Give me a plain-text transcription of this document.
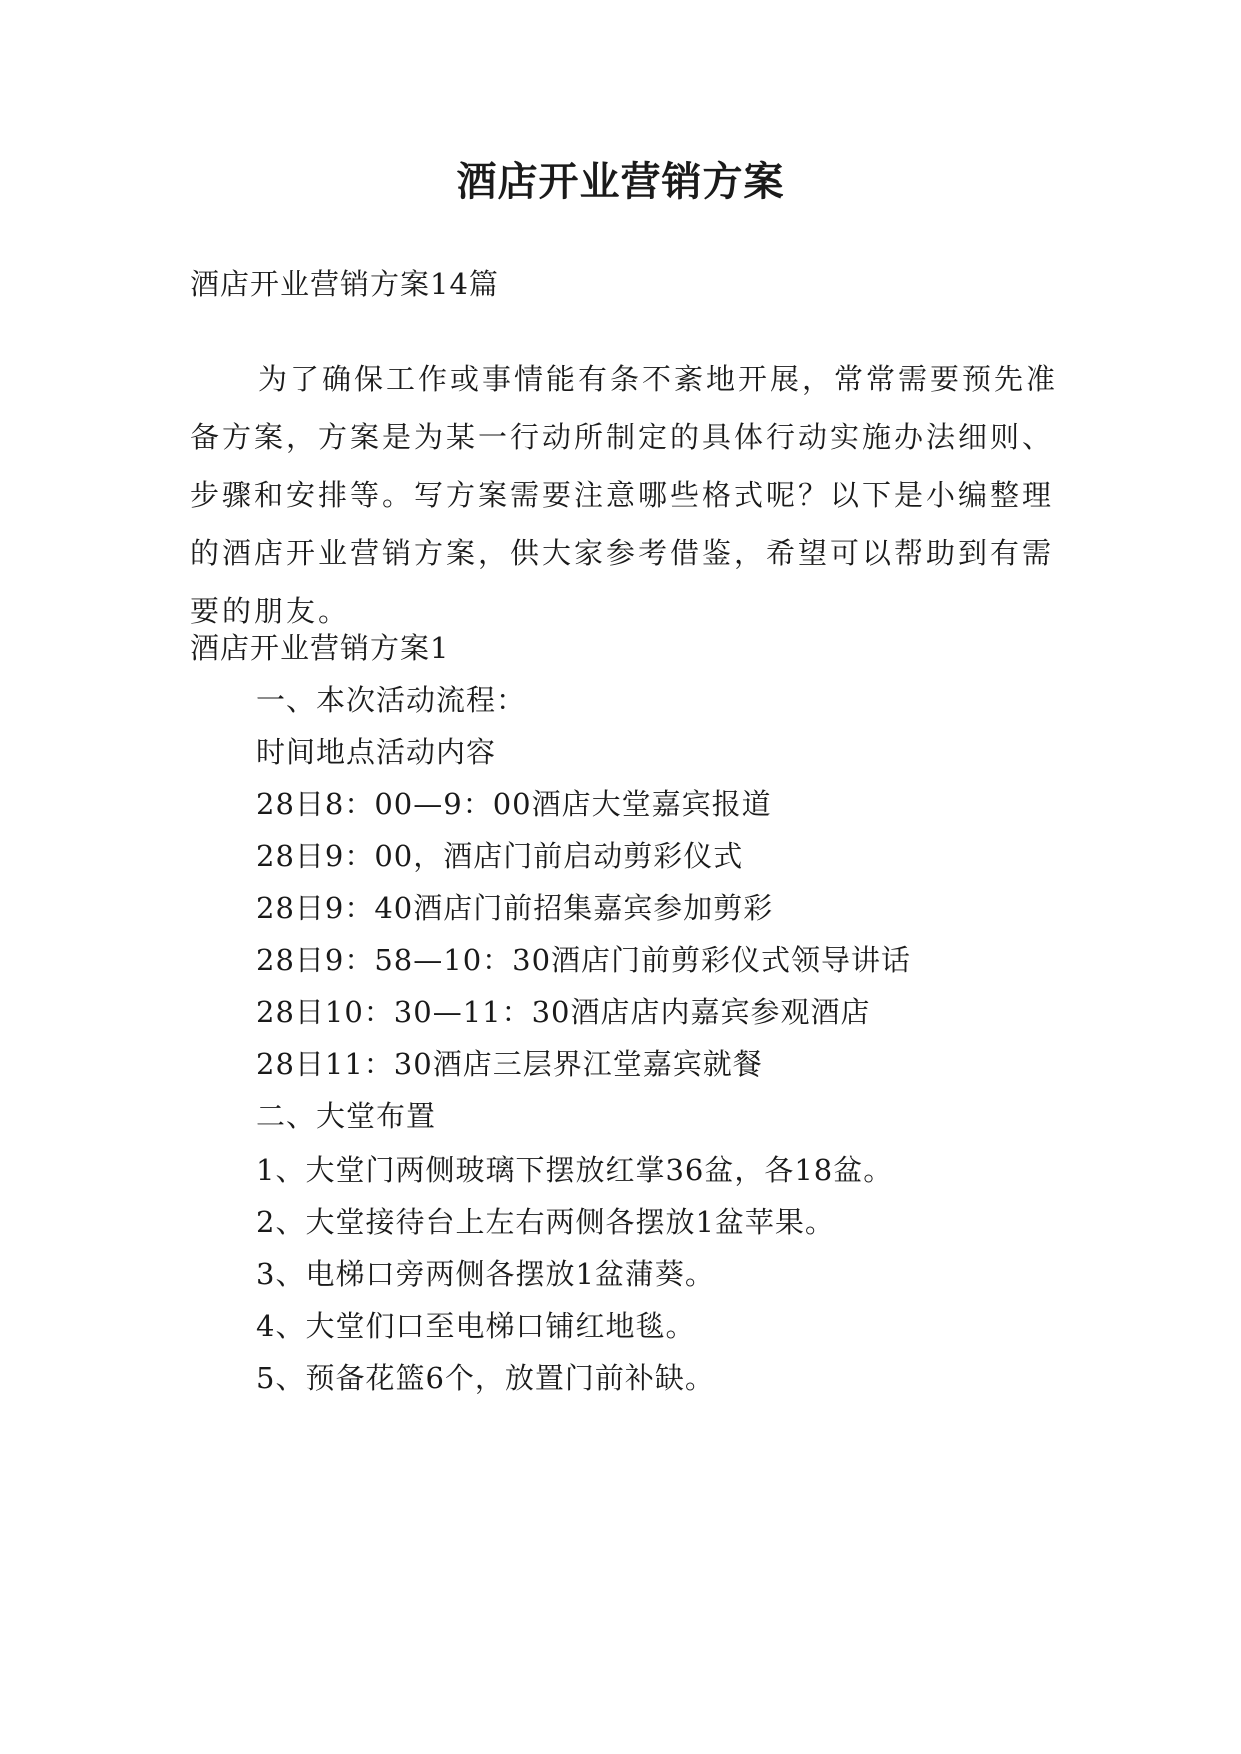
酒店开业营销方案
酒店开业营销方案14篇
为了确保工作或事情能有条不紊地开展，常常需要预先准备方案，方案是为某一行动所制定的具体行动实施办法细则、步骤和安排等。写方案需要注意哪些格式呢？以下是小编整理的酒店开业营销方案，供大家参考借鉴，希望可以帮助到有需要的朋友。
酒店开业营销方案1
一、本次活动流程：
时间地点活动内容
28日8：00—9：00酒店大堂嘉宾报道
28日9：00，酒店门前启动剪彩仪式
28日9：40酒店门前招集嘉宾参加剪彩
28日9：58—10：30酒店门前剪彩仪式领导讲话
28日10：30—11：30酒店店内嘉宾参观酒店
28日11：30酒店三层界江堂嘉宾就餐
二、大堂布置
1、大堂门两侧玻璃下摆放红掌36盆，各18盆。
2、大堂接待台上左右两侧各摆放1盆苹果。
3、电梯口旁两侧各摆放1盆蒲葵。
4、大堂们口至电梯口铺红地毯。
5、预备花篮6个，放置门前补缺。
